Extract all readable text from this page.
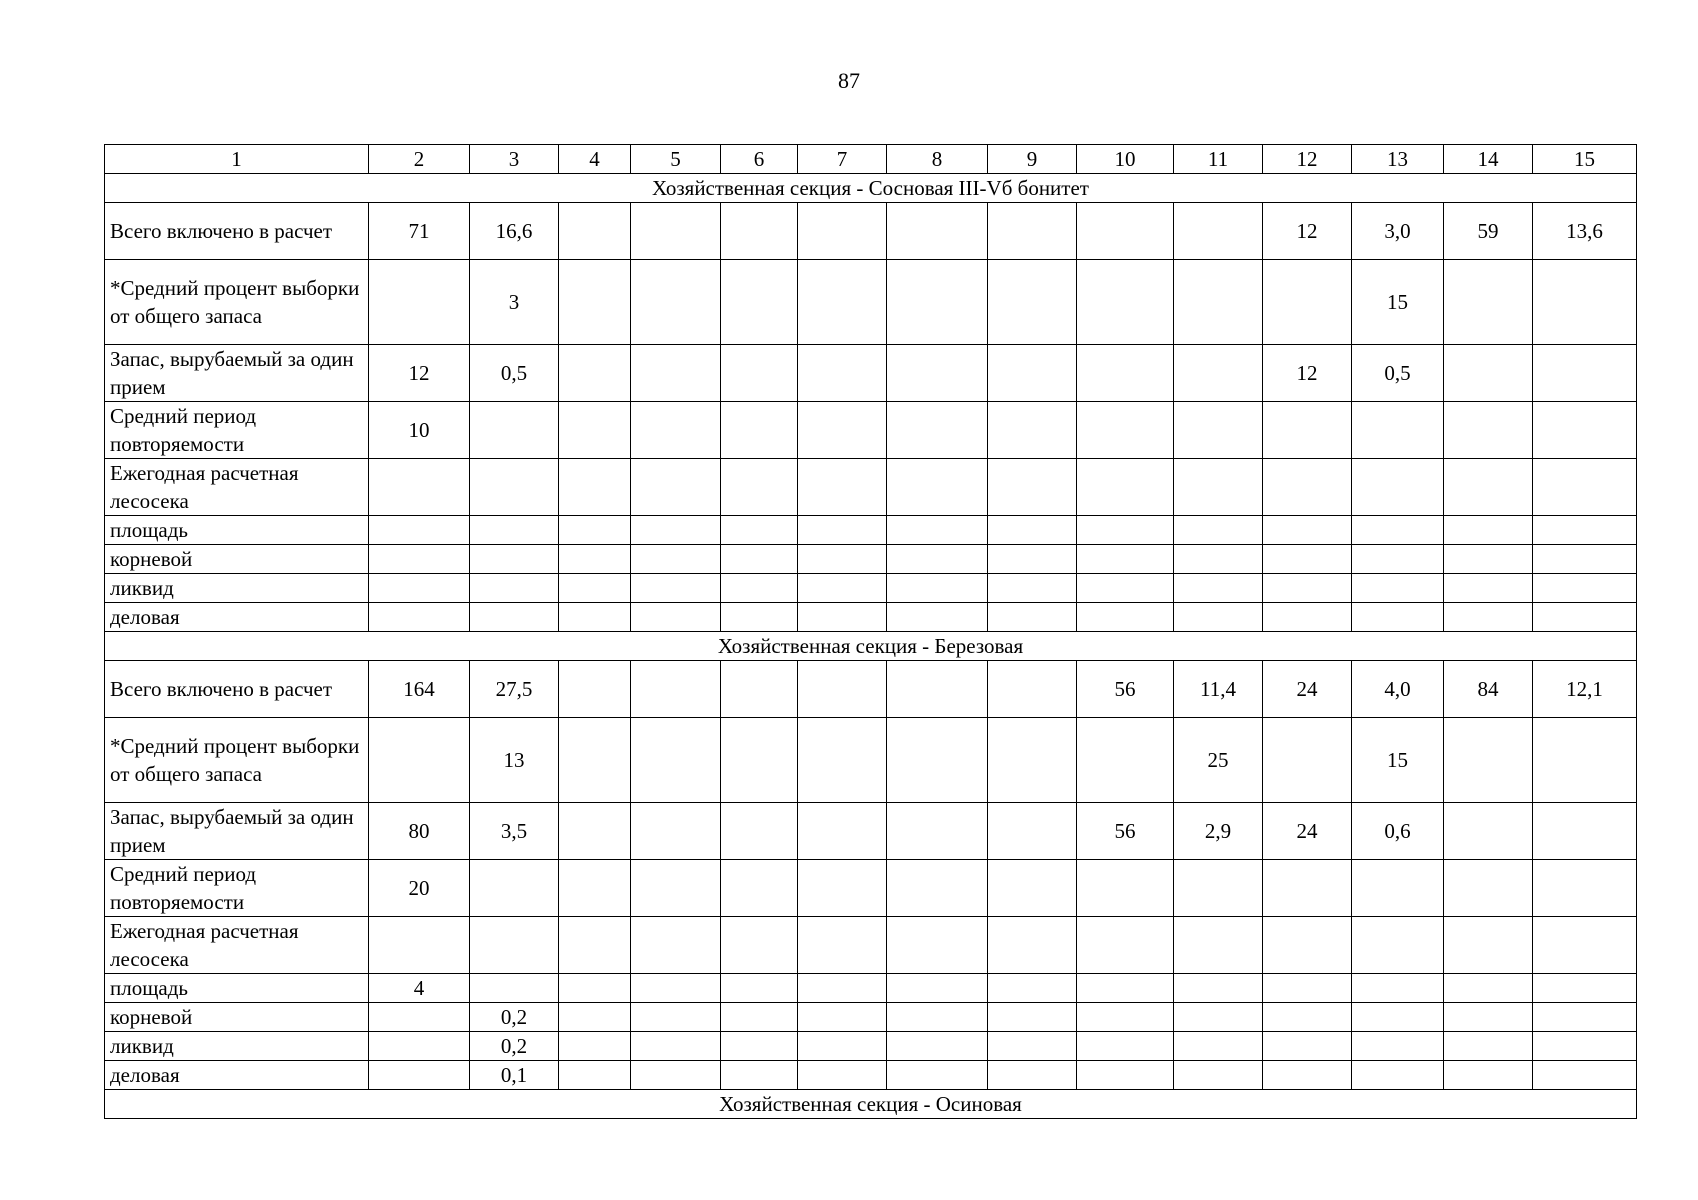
87
1	2	3	4	5	6	7	8	9	10	11	12	13	14	15
Хозяйственная секция - Сосновая III-Vб бонитет														
Всего включено в расчет	71	16,6									12	3,0	59	13,6
*Средний процент выборки от общего запаса		3										15		
Запас, вырубаемый за один прием	12	0,5									12	0,5		
Средний период повторяемости	10													
Ежегодная расчетная лесосека														
площадь														
корневой														
ликвид														
деловая														
Хозяйственная секция - Березовая														
Всего включено в расчет	164	27,5							56	11,4	24	4,0	84	12,1
*Средний процент выборки от общего запаса		13								25		15		
Запас, вырубаемый за один прием	80	3,5							56	2,9	24	0,6		
Средний период повторяемости	20													
Ежегодная расчетная лесосека														
площадь	4													
корневой		0,2												
ликвид		0,2												
деловая		0,1												
Хозяйственная секция - Осиновая														
